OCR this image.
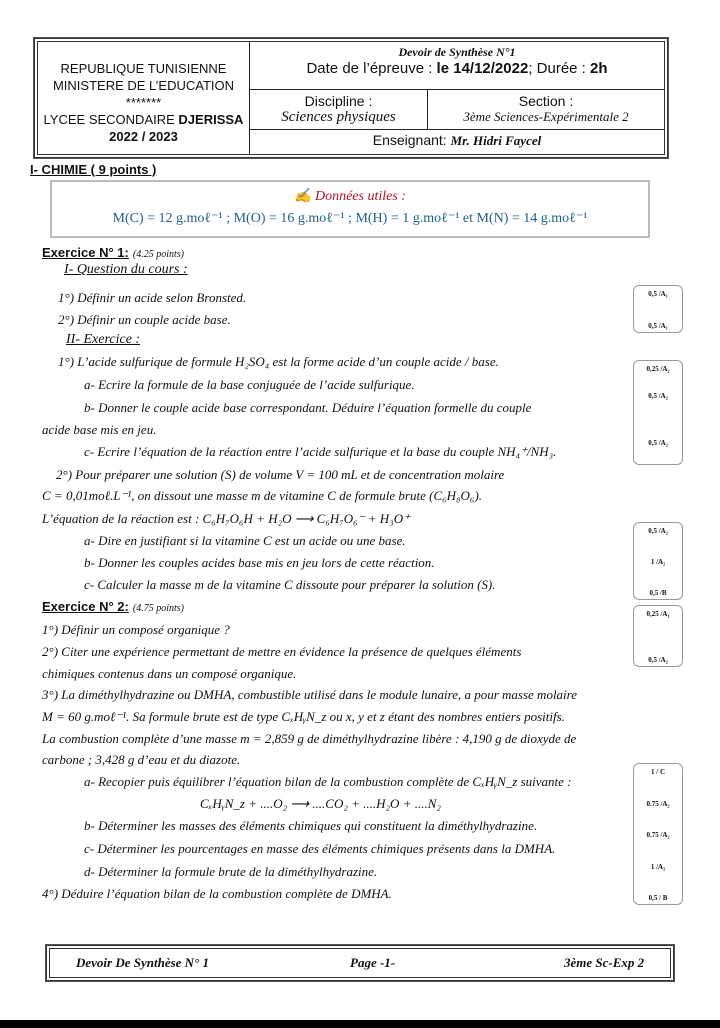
REPUBLIQUE TUNISIENNE
MINISTERE DE L’EDUCATION
*******
LYCEE SECONDAIRE DJERISSA
2022 / 2023
Devoir de Synthèse N°1
Date de l’épreuve : le 14/12/2022; Durée : 2h
Discipline :
Sciences physiques
Section :
3ème Sciences-Expérimentale 2
Enseignant: Mr. Hidri Faycel
I- CHIMIE ( 9 points )
✍ Données utiles :
M(C) = 12 g.moℓ⁻¹ ; M(O) = 16 g.moℓ⁻¹ ; M(H) = 1 g.moℓ⁻¹ et M(N) = 14 g.moℓ⁻¹
Exercice N° 1: (4.25 points)
I- Question du cours :
1°) Définir un acide selon Bronsted.
2°) Définir un couple acide base.
II- Exercice :
1°) L’acide sulfurique de formule H₂SO₄ est la forme acide d’un couple acide / base.
a- Ecrire la formule de la base conjuguée de l’acide sulfurique.
b- Donner le couple acide base correspondant. Déduire l’équation formelle du couple
acide base mis en jeu.
c- Ecrire l’équation de la réaction entre l’acide sulfurique et la base du couple NH₄⁺/NH₃.
2°) Pour préparer une solution (S) de volume V = 100 mL et de concentration molaire
C = 0,01moℓ.L⁻¹, on dissout une masse m de vitamine C de formule brute (C₆H₈O₆).
L’équation de la réaction est : C₆H₇O₆H + H₂O ⟶ C₆H₇O₆⁻ + H₃O⁺
a- Dire en justifiant si la vitamine C est un acide ou une base.
b- Donner les couples acides base mis en jeu lors de cette réaction.
c- Calculer la masse m de la vitamine C dissoute pour préparer la solution (S).
Exercice N° 2: (4.75 points)
1°) Définir un composé organique ?
2°) Citer une expérience permettant de mettre en évidence la présence de quelques éléments
chimiques contenus dans un composé organique.
3°) La diméthylhydrazine ou DMHA, combustible utilisé dans le module lunaire, a pour masse molaire
M = 60 g.moℓ⁻¹. Sa formule brute est de type CₓHᵧN_z ou x, y et z étant des nombres entiers positifs.
La combustion complète d’une masse m = 2,859 g de diméthylhydrazine libère : 4,190 g de dioxyde de
carbone ; 3,428 g d’eau et du diazote.
a- Recopier puis équilibrer l’équation bilan de la combustion complète de CₓHᵧN_z suivante :
CₓHᵧN_z + ....O₂ ⟶ ....CO₂ + ....H₂O + ....N₂
b- Déterminer les masses des éléments chimiques qui constituent la diméthylhydrazine.
c- Déterminer les pourcentages en masse des éléments chimiques présents dans la DMHA.
d- Déterminer la formule brute de la diméthylhydrazine.
4°) Déduire l’équation bilan de la combustion complète de DMHA.
0,5 /A₁
0,5 /A₁
0,25 /A₂
0,5 /A₂
0,5 /A₂
0,5 /A₂
1 /A₂
0,5 /B
0,25 /A₁
0,5 /A₂
1 / C
0.75 /A₂
0.75 /A₂
1 /A₂
0,5 / B
Devoir De Synthèse N° 1	Page -1-	3ème Sc-Exp 2
